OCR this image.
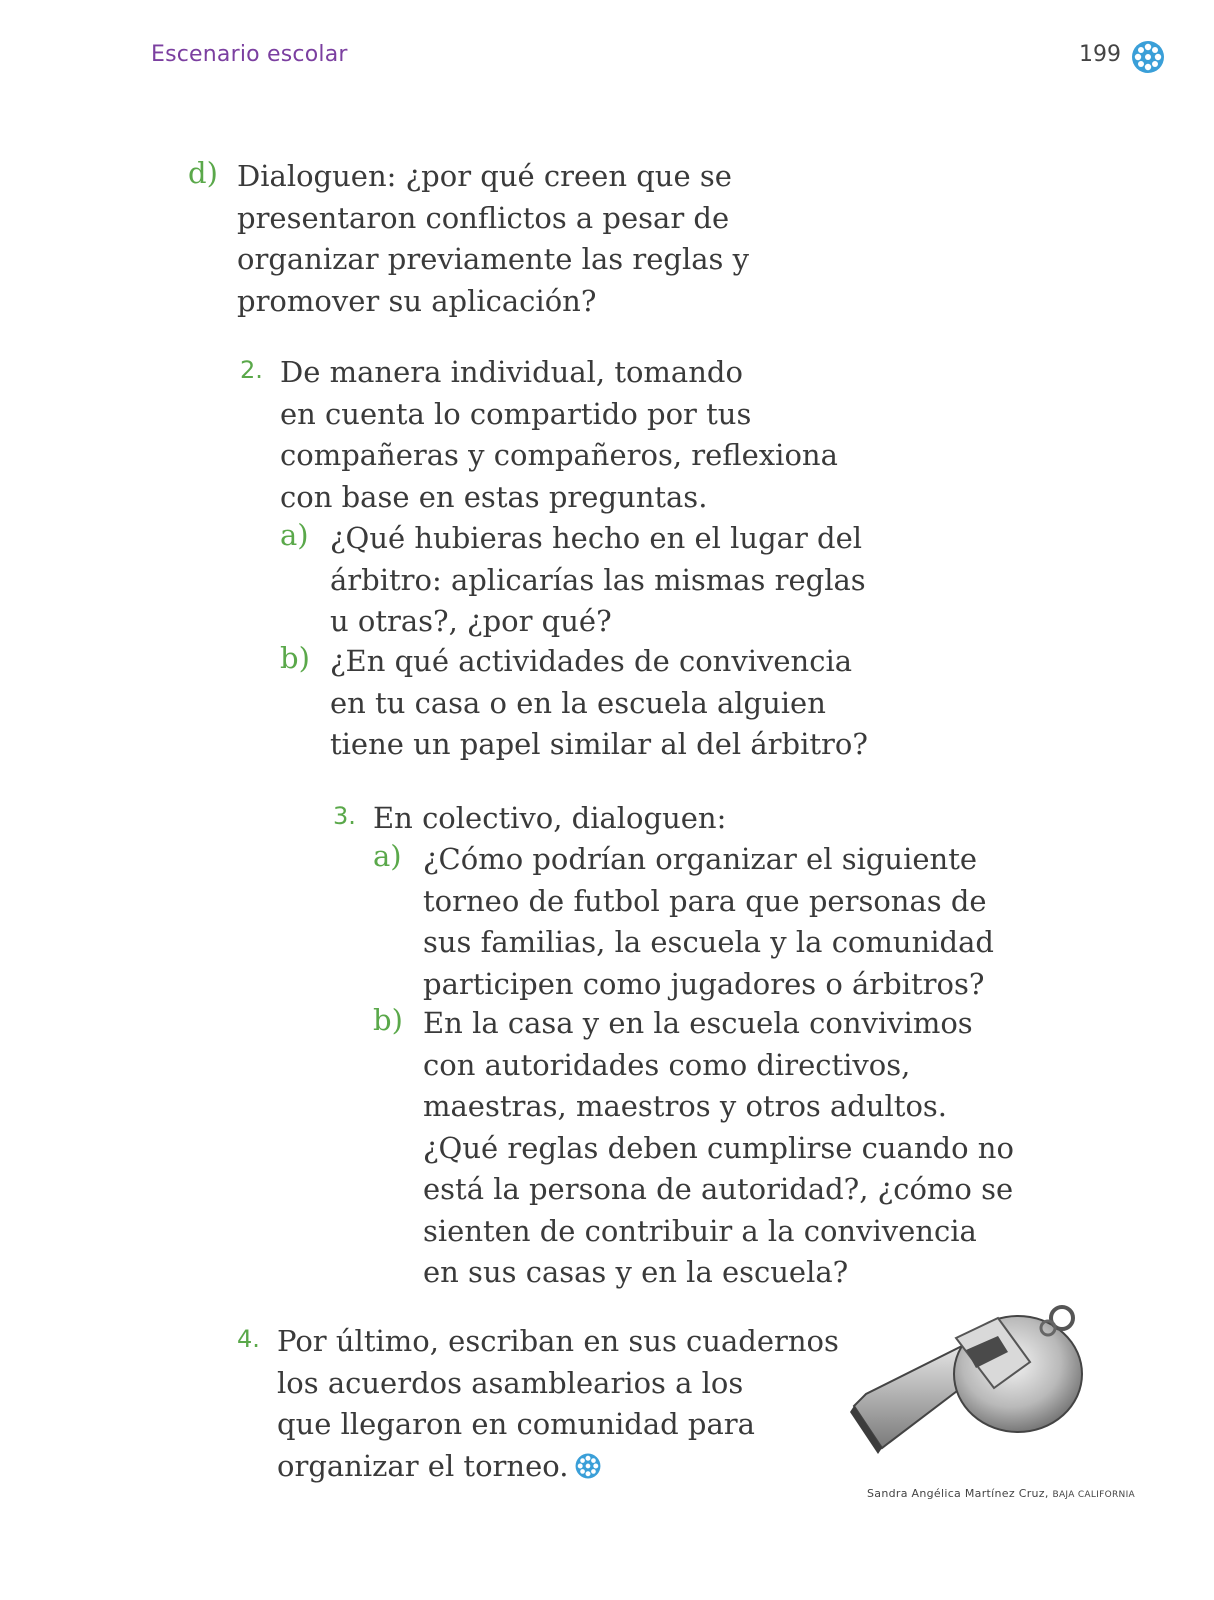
Escenario escolar	199
d) Dialoguen: ¿por qué creen que se
presentaron conflictos a pesar de
organizar previamente las reglas y
promover su aplicación?
2. De manera individual, tomando
en cuenta lo compartido por tus
compañeras y compañeros, reflexiona
con base en estas preguntas.
a) ¿Qué hubieras hecho en el lugar del
árbitro: aplicarías las mismas reglas
u otras?, ¿por qué?
b) ¿En qué actividades de convivencia
en tu casa o en la escuela alguien
tiene un papel similar al del árbitro?
3. En colectivo, dialoguen:
a) ¿Cómo podrían organizar el siguiente
torneo de futbol para que personas de
sus familias, la escuela y la comunidad
participen como jugadores o árbitros?
b) En la casa y en la escuela convivimos
con autoridades como directivos,
maestras, maestros y otros adultos.
¿Qué reglas deben cumplirse cuando no
está la persona de autoridad?, ¿cómo se
sienten de contribuir a la convivencia
en sus casas y en la escuela?
4. Por último, escriban en sus cuadernos
los acuerdos asamblearios a los
que llegaron en comunidad para
organizar el torneo.
Sandra Angélica Martínez Cruz, BAJA CALIFORNIA
